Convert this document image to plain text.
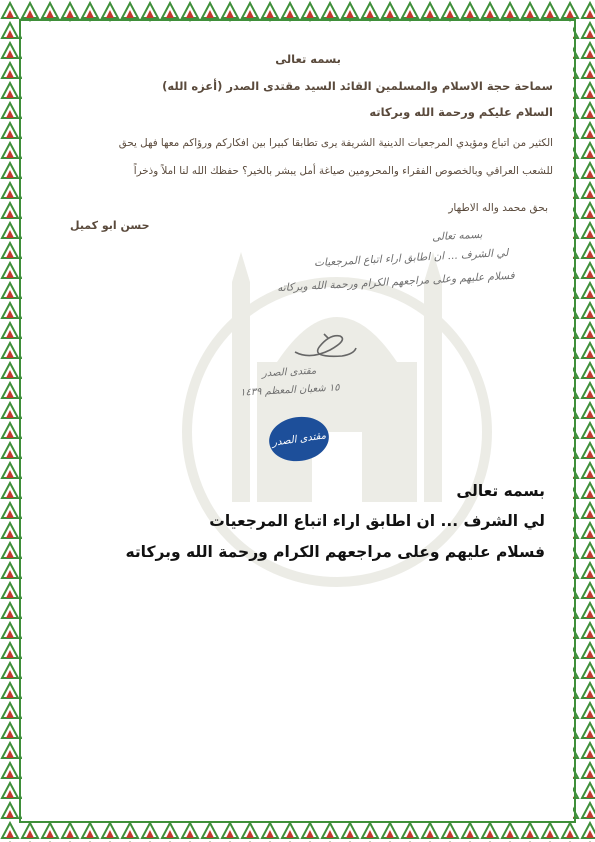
بسمه تعالى
سماحة حجة الاسلام والمسلمين القائد السيد مقتدى الصدر (أعزه الله)
السلام عليكم ورحمة الله وبركاته
الكثير من اتباع ومؤيدي المرجعيات الدينية الشريفة يرى تطابقا كبيرا بين افكاركم ورؤاكم معها فهل يحق
للشعب العراقي وبالخصوص الفقراء والمحرومين صياغة أمل يبشر بالخير؟ حفظك الله لنا املاً وذخراً
بحق محمد واله الاطهار
حسن ابو كميل
بسمه تعالى
لي الشرف ... ان اطابق اراء اتباع المرجعيات
فسلام عليهم وعلى مراجعهم الكرام ورحمة الله وبركاته
مقتدى الصدر
١٥ شعبان المعظم ١٤٣٩
مقتدى الصدر
بسمه تعالى
لي الشرف ... ان اطابق اراء اتباع المرجعيات
فسلام عليهم وعلى مراجعهم الكرام ورحمة الله وبركاته
